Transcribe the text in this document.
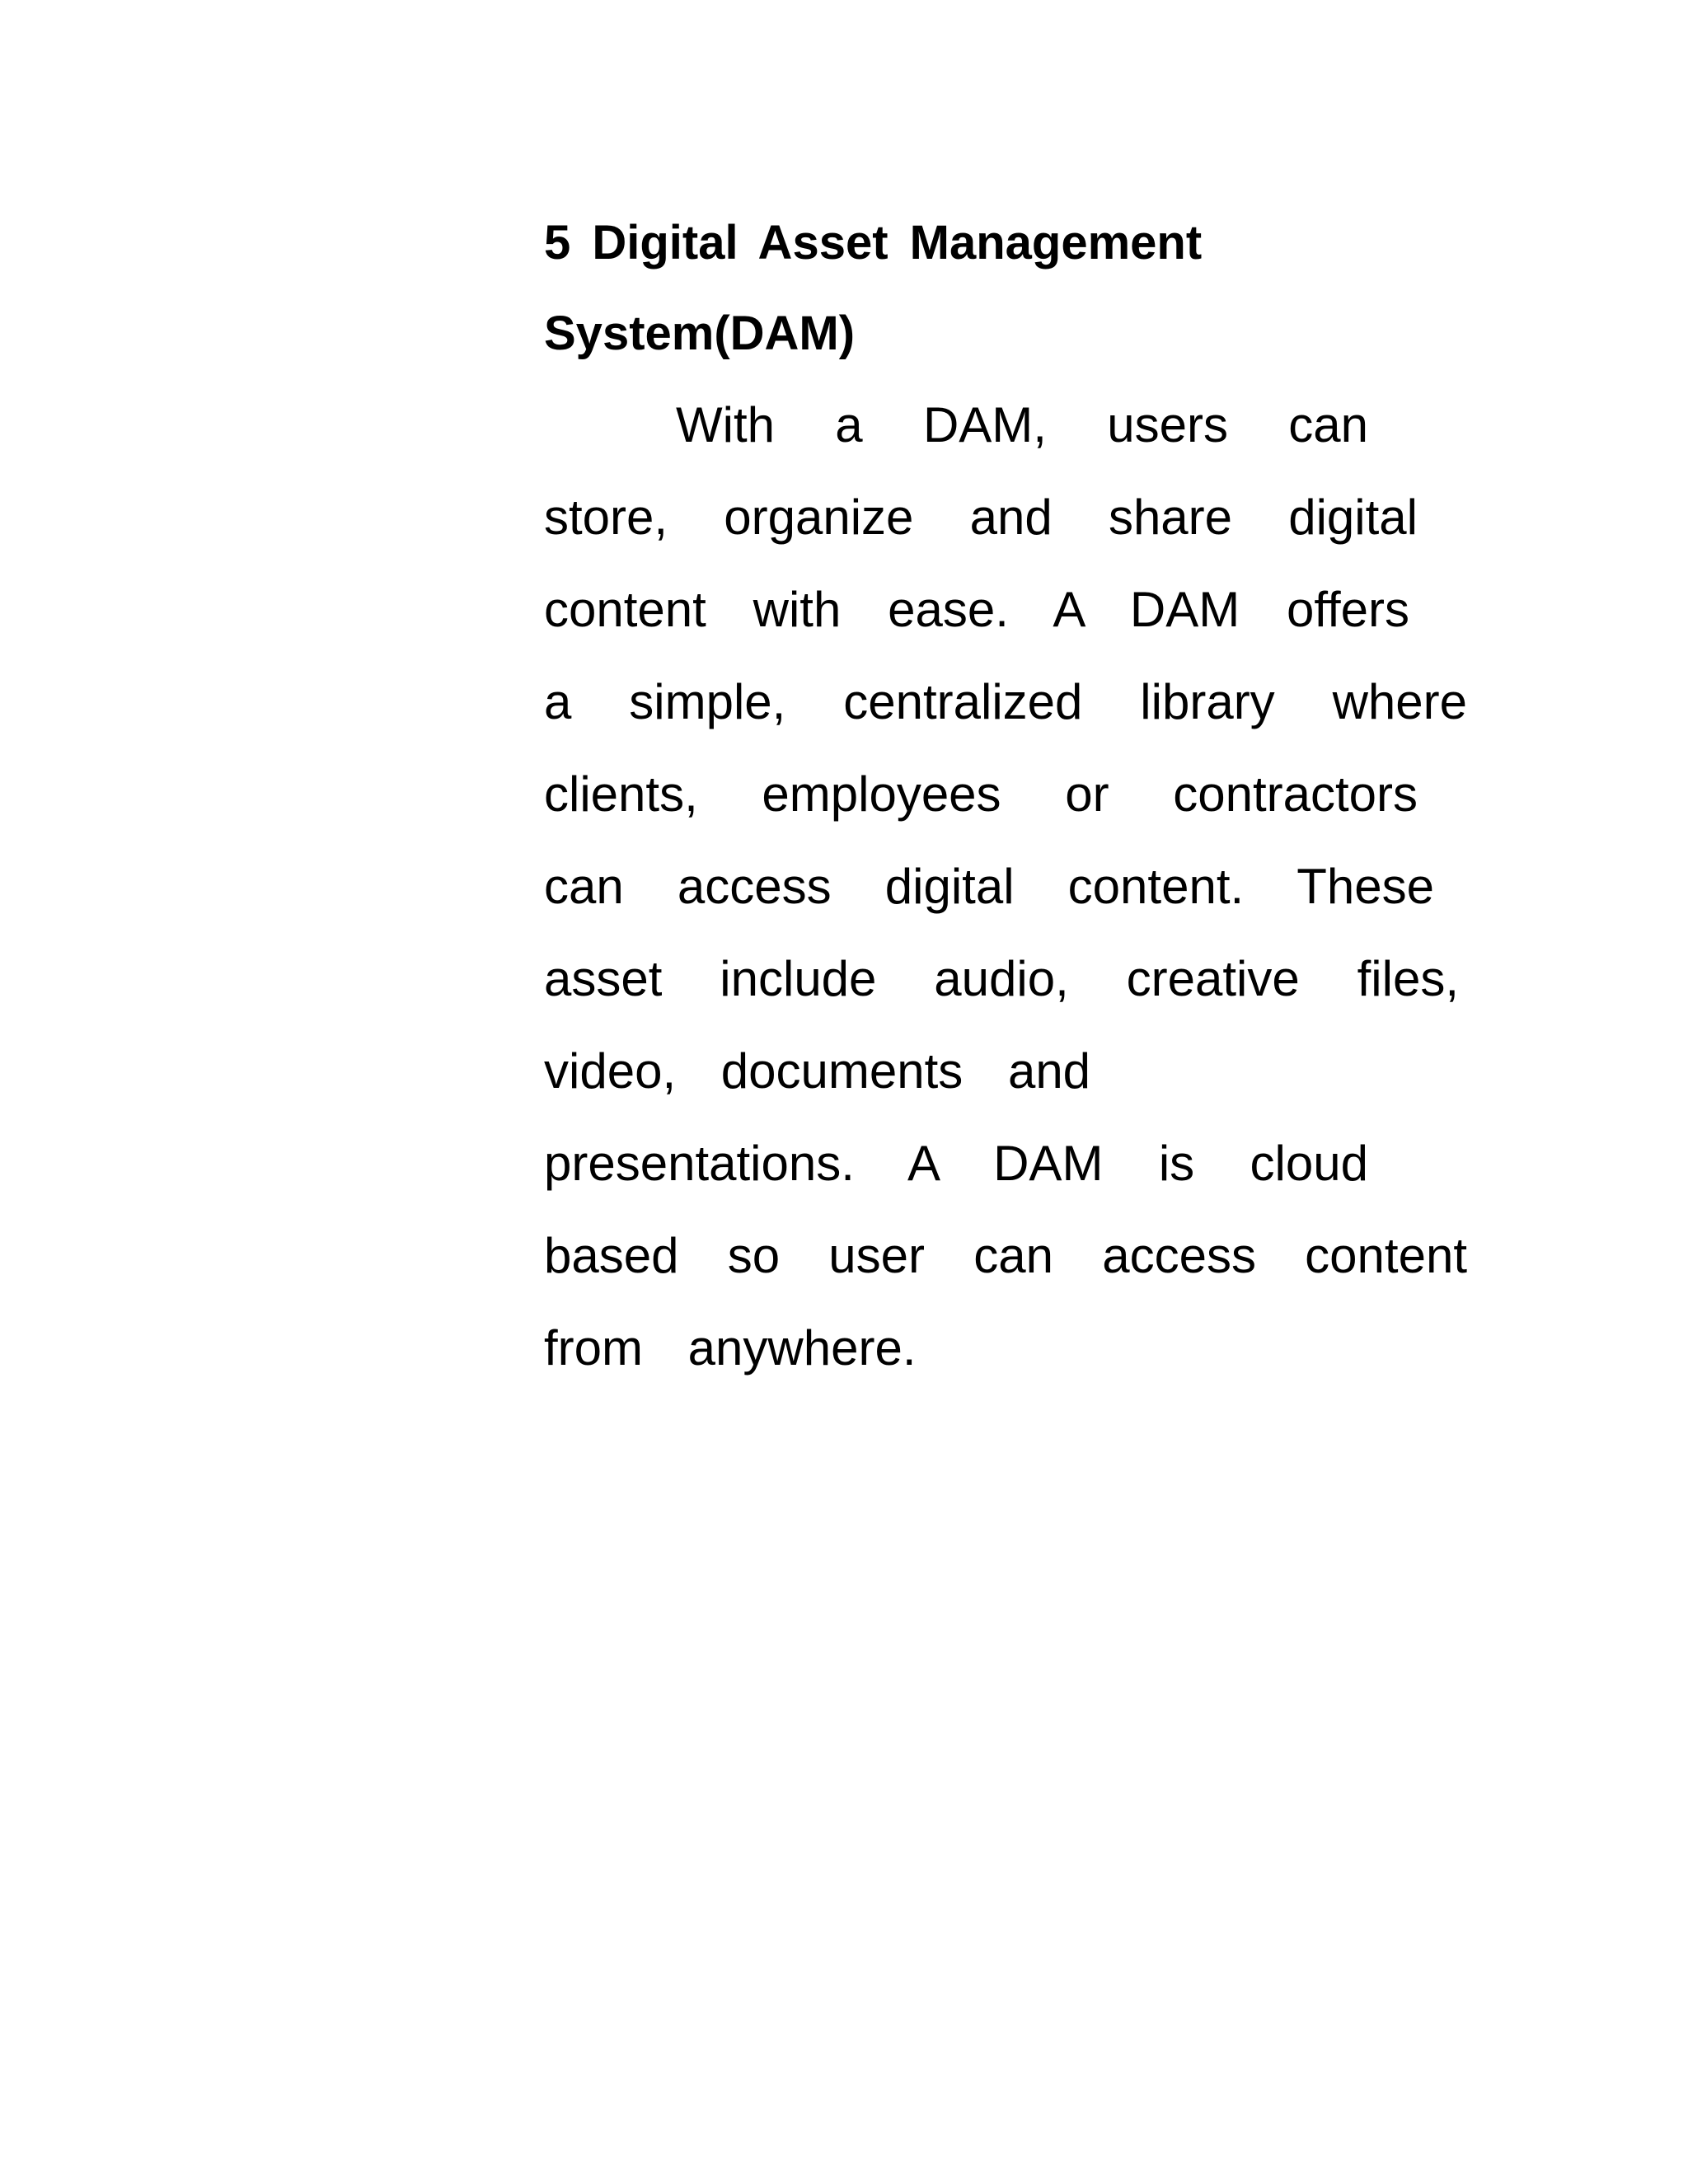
5 Digital Asset Management
System(DAM)

With a DAM, users can
store, organize and share digital
content with ease. A DAM offers
a simple, centralized library where
clients, employees or contractors
can access digital content. These
asset include audio, creative files,
video, documents and
presentations. A DAM is cloud
based so user can access content
from anywhere.
